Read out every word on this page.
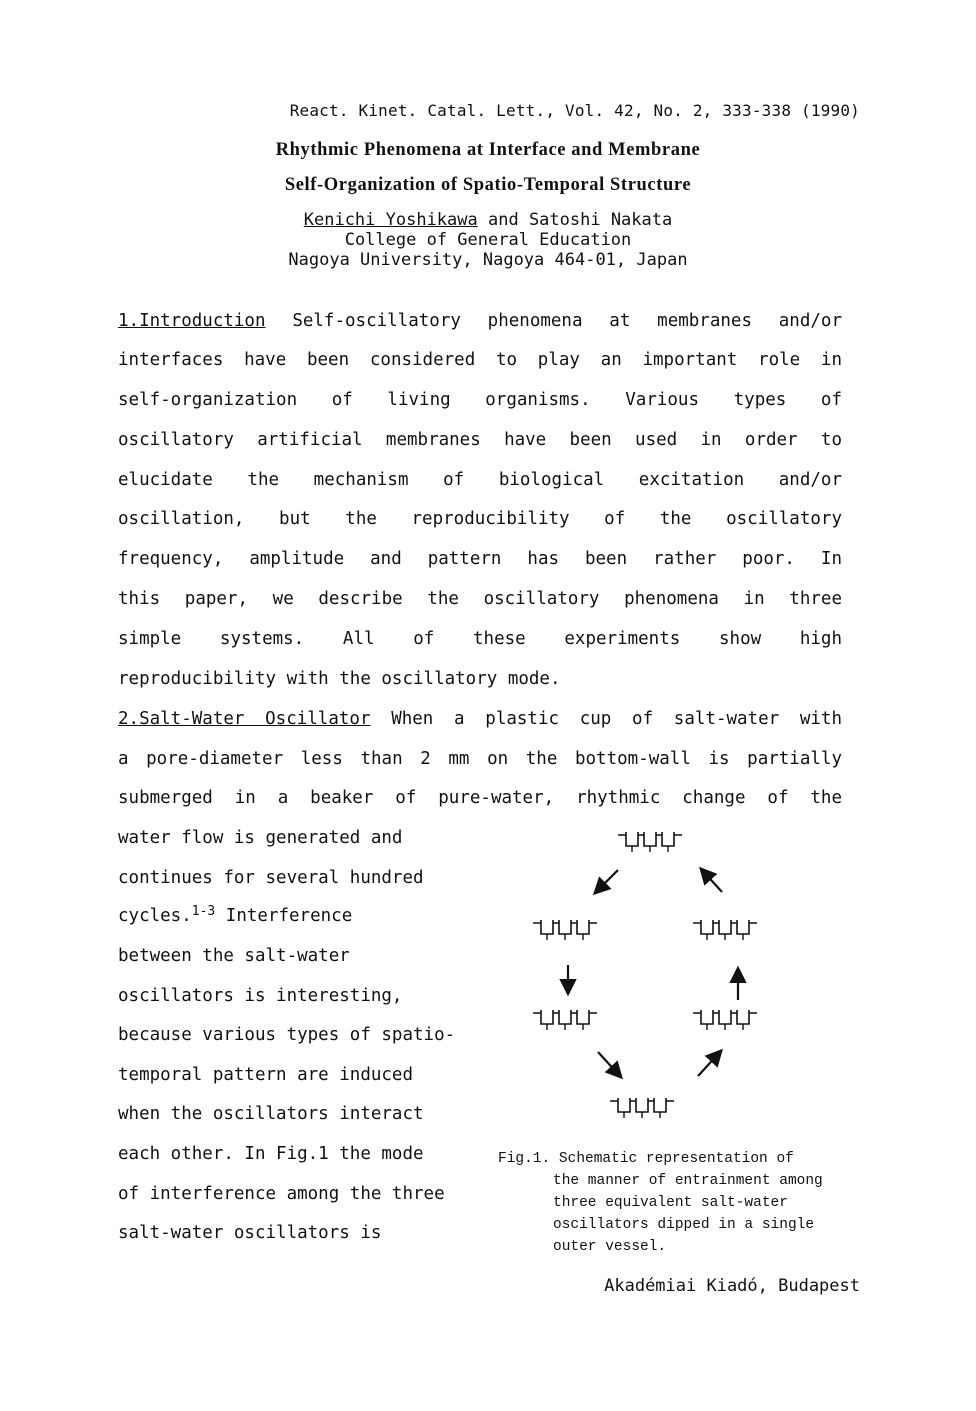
React. Kinet. Catal. Lett., Vol. 42, No. 2, 333-338 (1990)
Rhythmic Phenomena at Interface and Membrane
Self-Organization of Spatio-Temporal Structure
Kenichi Yoshikawa and Satoshi Nakata
College of General Education
Nagoya University, Nagoya 464-01, Japan
1.Introduction Self-oscillatory phenomena at membranes and/or
interfaces have been considered to play an important role in
self-organization of living organisms. Various types of
oscillatory artificial membranes have been used in order to
elucidate the mechanism of biological excitation and/or
oscillation, but the reproducibility of the oscillatory
frequency, amplitude and pattern has been rather poor. In
this paper, we describe the oscillatory phenomena in three
simple systems. All of these experiments show high
reproducibility with the oscillatory mode.
2.Salt-Water Oscillator When a plastic cup of salt-water with
a pore-diameter less than 2 mm on the bottom-wall is partially
submerged in a beaker of pure-water, rhythmic change of the
water flow is generated and
continues for several hundred
cycles.$^{1-3}$ Interference
between the salt-water
oscillators is interesting,
because various types of spatio-
temporal pattern are induced
when the oscillators interact
each other. In Fig.1 the mode
of interference among the three
salt-water oscillators is
Fig.1. Schematic representation of
the manner of entrainment among
three equivalent salt-water
oscillators dipped in a single
outer vessel.
Akadémiai Kiadó, Budapest
